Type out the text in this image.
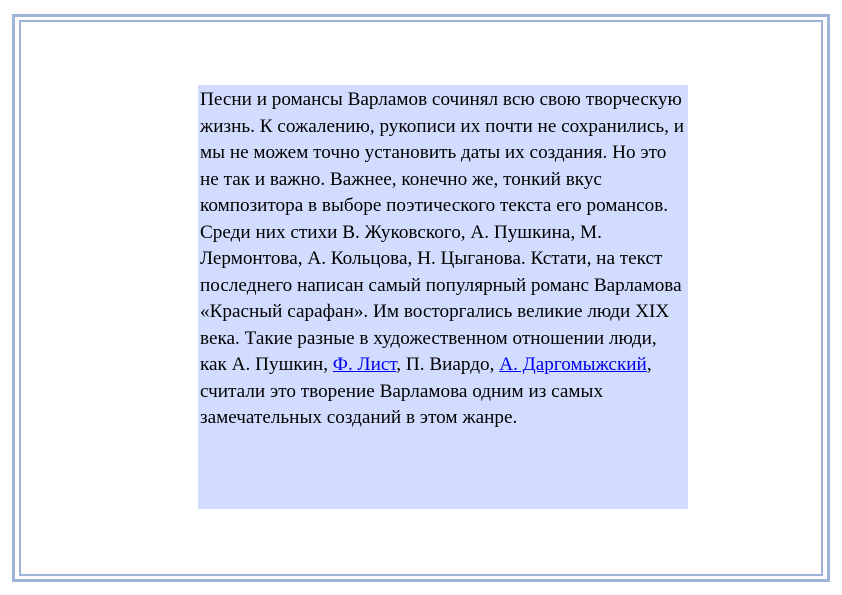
Песни и романсы Варламов сочинял всю свою творческую жизнь. К сожалению, рукописи их почти не сохранились, и мы не можем точно установить даты их создания. Но это не так и важно. Важнее, конечно же, тонкий вкус композитора в выборе поэтического текста его романсов. Среди них стихи В. Жуковского, А. Пушкина, М. Лермонтова, А. Кольцова, Н. Цыганова. Кстати, на текст последнего написан самый популярный романс Варламова «Красный сарафан». Им восторгались великие люди XIX века. Такие разные в художественном отношении люди, как А. Пушкин, Ф. Лист, П. Виардо, А. Даргомыжский, считали это творение Варламова одним из самых замечательных созданий в этом жанре.
